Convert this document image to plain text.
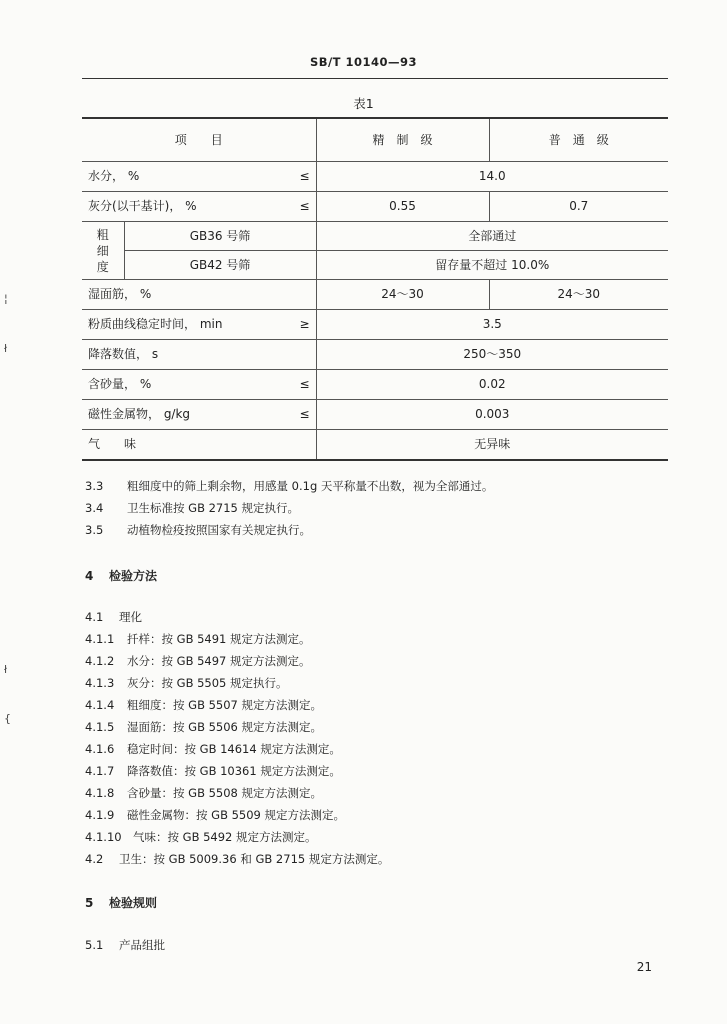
SB/T 10140—93
表1
项　　目		精　制　级	普　通　级

水分， % ≤		14.0	

灰分(以干基计)， % ≤		0.55	0.7
粗
细
度	GB36 号筛	全部通过	
	GB42 号筛	留存量不超过 10.0%	
湿面筋， %		24～30	24～30

粉质曲线稳定时间， min ≥		3.5	
降落数值， s		250～350	

含砂量， % ≤		0.02	

磁性金属物， g/kg ≤		0.003	
气　　味		无异味	
3.3 粗细度中的筛上剩余物，用感量 0.1g 天平称量不出数，视为全部通过。
3.4 卫生标准按 GB 2715 规定执行。
3.5 动植物检疫按照国家有关规定执行。
4 检验方法
4.1 理化
4.1.1 扦样：按 GB 5491 规定方法测定。
4.1.2 水分：按 GB 5497 规定方法测定。
4.1.3 灰分：按 GB 5505 规定执行。
4.1.4 粗细度：按 GB 5507 规定方法测定。
4.1.5 湿面筋：按 GB 5506 规定方法测定。
4.1.6 稳定时间：按 GB 14614 规定方法测定。
4.1.7 降落数值：按 GB 10361 规定方法测定。
4.1.8 含砂量：按 GB 5508 规定方法测定。
4.1.9 磁性金属物：按 GB 5509 规定方法测定。
4.1.10 气味：按 GB 5492 规定方法测定。
4.2 卫生：按 GB 5009.36 和 GB 2715 规定方法测定。
5 检验规则
5.1 产品组批
21
¦
ł
ł
{
